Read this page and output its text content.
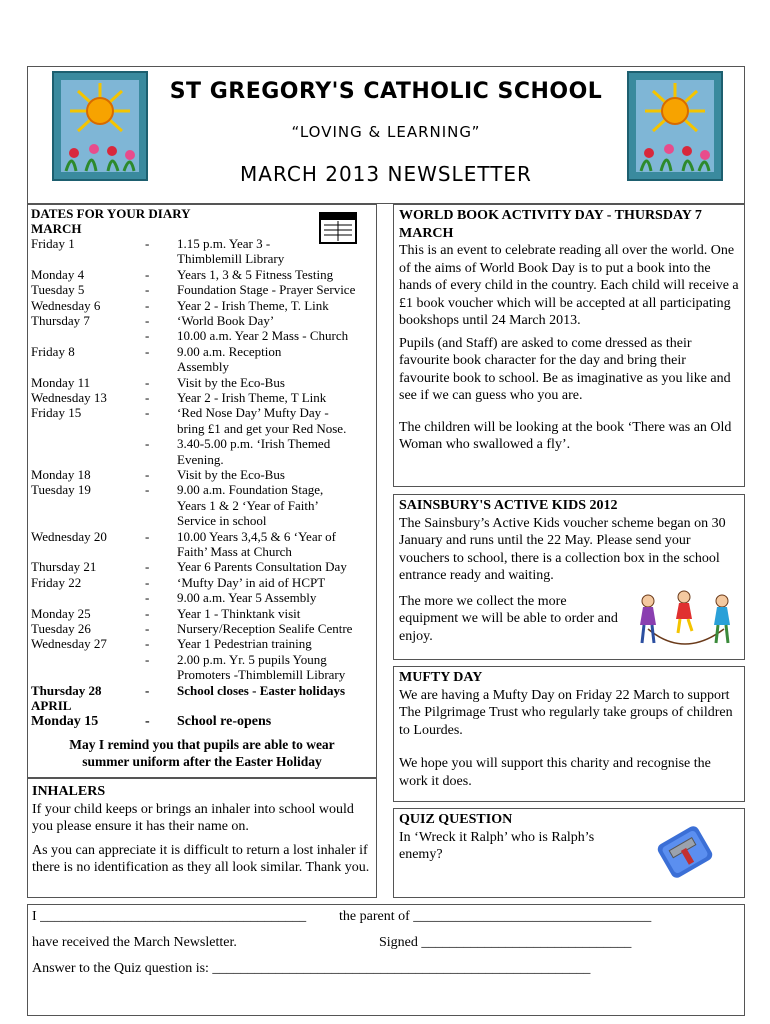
ST GREGORY'S CATHOLIC SCHOOL
“LOVING & LEARNING”
MARCH 2013 NEWSLETTER
DATES FOR YOUR DIARY
MARCH
Friday 1	- 1.15 p.m. Year 3 -
Thimblemill Library
Monday 4	- Years 1, 3 & 5 Fitness Testing
Tuesday 5	- Foundation Stage - Prayer Service
Wednesday 6	- Year 2 - Irish Theme, T. Link
Thursday 7	- ‘World Book Day’
- 10.00 a.m. Year 2 Mass - Church
Friday 8	- 9.00 a.m. Reception
Assembly
Monday 11	- Visit by the Eco-Bus
Wednesday 13	- Year 2 - Irish Theme, T Link
Friday 15	- ‘Red Nose Day’ Mufty Day -
bring £1 and get your Red Nose.
- 3.40-5.00 p.m. ‘Irish Themed
Evening.
Monday 18	- Visit by the Eco-Bus
Tuesday 19	- 9.00 a.m. Foundation Stage,
Years 1 & 2 ‘Year of Faith’
Service in school
Wednesday 20	- 10.00 Years 3,4,5 & 6 ‘Year of
Faith’ Mass at Church
Thursday 21	- Year 6 Parents Consultation Day
Friday 22	- ‘Mufty Day’ in aid of HCPT
- 9.00 a.m. Year 5 Assembly
Monday 25	- Year 1 - Thinktank visit
Tuesday 26	- Nursery/Reception Sealife Centre
Wednesday 27	- Year 1 Pedestrian training
- 2.00 p.m. Yr. 5 pupils Young
Promoters -Thimblemill Library
Thursday 28	- School closes - Easter holidays
APRIL
Monday 15	- School re-opens
May I remind you that pupils are able to wear
summer uniform after the Easter Holiday
INHALERS

If your child keeps or brings an inhaler into school would you please ensure it has their name on.

As you can appreciate it is difficult to return a lost inhaler if there is no identification as they all look similar. Thank you.

WORLD BOOK ACTIVITY DAY - THURSDAY 7 MARCH

This is an event to celebrate reading all over the world. One of the aims of World Book Day is to put a book into the hands of every child in the country. Each child will receive a £1 book voucher which will be accepted at all participating bookshops until 24 March 2013.

Pupils (and Staff) are asked to come dressed as their favourite book character for the day and bring their favourite book to school. Be as imaginative as you like and see if we can guess who you are.

The children will be looking at the book ‘There was an Old Woman who swallowed a fly’.

SAINSBURY'S ACTIVE KIDS 2012

The Sainsbury’s Active Kids voucher scheme began on 30 January and runs until the 22 May. Please send your vouchers to school, there is a collection box in the school entrance ready and waiting.

The more we collect the more equipment we will be able to order and enjoy.

MUFTY DAY

We are having a Mufty Day on Friday 22 March to support The Pilgrimage Trust who regularly take groups of children to Lourdes.

We hope you will support this charity and recognise the work it does.

QUIZ QUESTION

In ‘Wreck it Ralph’ who is Ralph’s enemy?

I ______________________________________ the parent of __________________________________
have received the March Newsletter.	Signed ______________________________
Answer to the Quiz question is: ______________________________________________________
